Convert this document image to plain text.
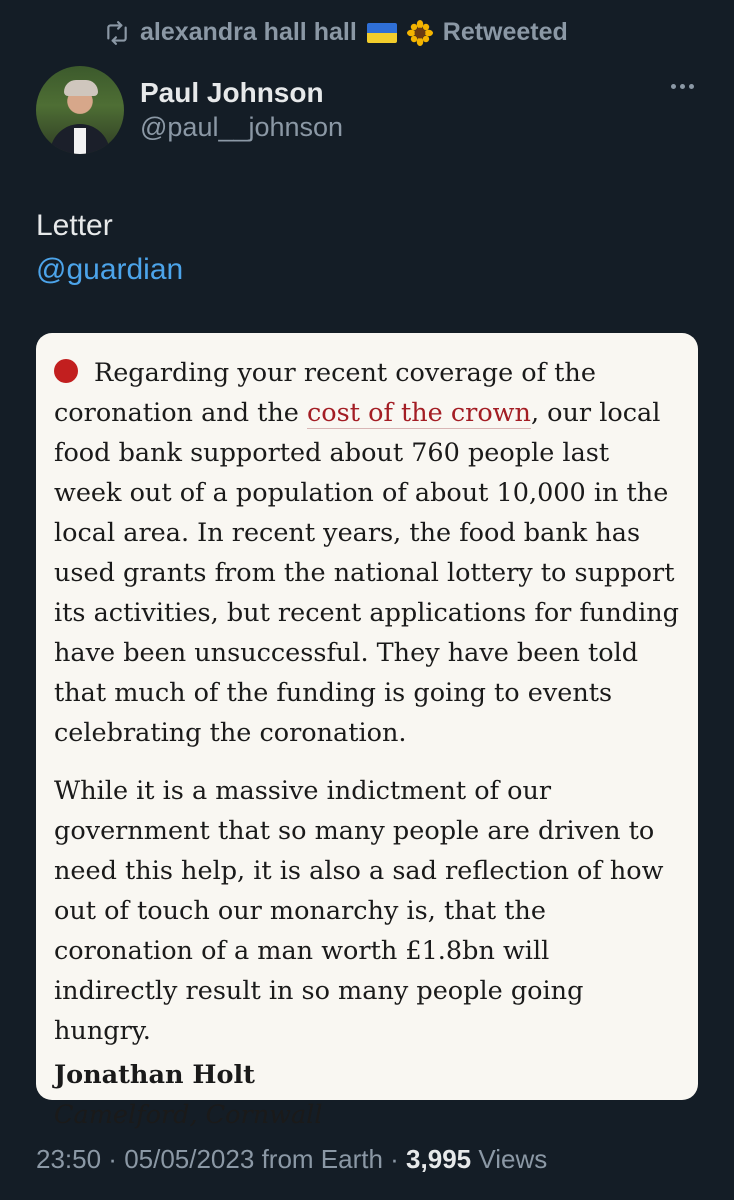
alexandra hall hall	Retweeted
Paul Johnson
@paul__johnson
Letter
@guardian

Regarding your recent coverage of the coronation and the cost of the crown, our local food bank supported about 760 people last week out of a population of about 10,000 in the local area. In recent years, the food bank has used grants from the national lottery to support its activities, but recent applications for funding have been unsuccessful. They have been told that much of the funding is going to events celebrating the coronation.

While it is a massive indictment of our government that so many people are driven to need this help, it is also a sad reflection of how out of touch our monarchy is, that the coronation of a man worth £1.8bn will indirectly result in so many people going hungry.

Jonathan Holt
Camelford, Cornwall
23:50 · 05/05/2023 from Earth · 3,995 Views
